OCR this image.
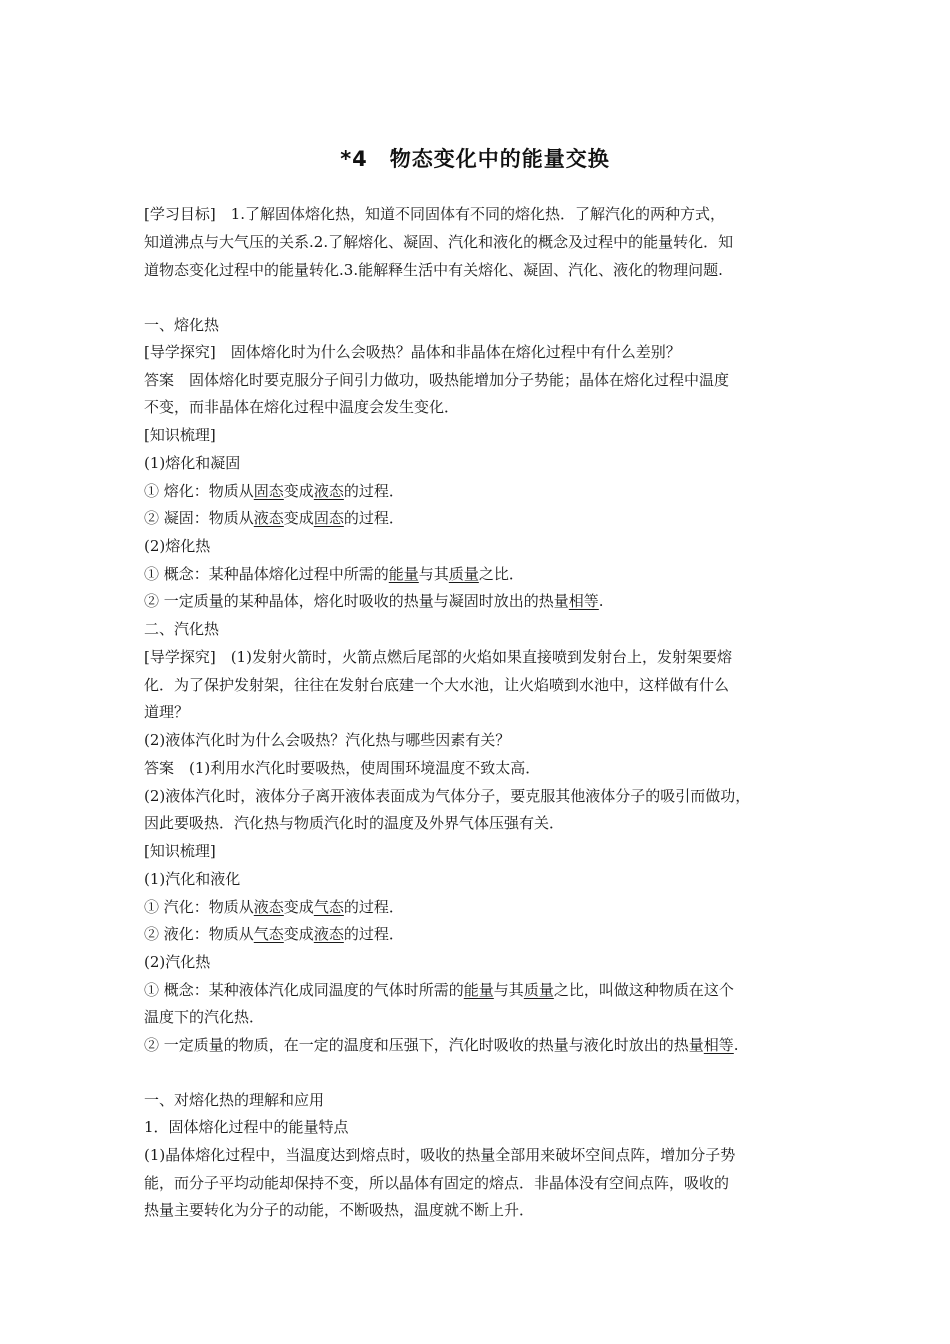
*4　物态变化中的能量交换
[学习目标]　1.了解固体熔化热，知道不同固体有不同的熔化热．了解汽化的两种方式，
知道沸点与大气压的关系.2.了解熔化、凝固、汽化和液化的概念及过程中的能量转化．知
道物态变化过程中的能量转化.3.能解释生活中有关熔化、凝固、汽化、液化的物理问题.
一、熔化热
[导学探究]　固体熔化时为什么会吸热？晶体和非晶体在熔化过程中有什么差别？
答案　固体熔化时要克服分子间引力做功，吸热能增加分子势能；晶体在熔化过程中温度
不变，而非晶体在熔化过程中温度会发生变化．
[知识梳理]
(1)熔化和凝固
① 熔化：物质从固态变成液态的过程．
② 凝固：物质从液态变成固态的过程．
(2)熔化热
① 概念：某种晶体熔化过程中所需的能量与其质量之比．
② 一定质量的某种晶体，熔化时吸收的热量与凝固时放出的热量相等.
二、汽化热
[导学探究]　(1)发射火箭时，火箭点燃后尾部的火焰如果直接喷到发射台上，发射架要熔
化．为了保护发射架，往往在发射台底建一个大水池，让火焰喷到水池中，这样做有什么
道理？
(2)液体汽化时为什么会吸热？汽化热与哪些因素有关？
答案　(1)利用水汽化时要吸热，使周围环境温度不致太高．
(2)液体汽化时，液体分子离开液体表面成为气体分子，要克服其他液体分子的吸引而做功，
因此要吸热．汽化热与物质汽化时的温度及外界气体压强有关．
[知识梳理]
(1)汽化和液化
① 汽化：物质从液态变成气态的过程．
② 液化：物质从气态变成液态的过程．
(2)汽化热
① 概念：某种液体汽化成同温度的气体时所需的能量与其质量之比，叫做这种物质在这个
温度下的汽化热．
② 一定质量的物质，在一定的温度和压强下，汽化时吸收的热量与液化时放出的热量相等.
一、对熔化热的理解和应用
1．固体熔化过程中的能量特点
(1)晶体熔化过程中，当温度达到熔点时，吸收的热量全部用来破坏空间点阵，增加分子势
能，而分子平均动能却保持不变，所以晶体有固定的熔点．非晶体没有空间点阵，吸收的
热量主要转化为分子的动能，不断吸热，温度就不断上升．
